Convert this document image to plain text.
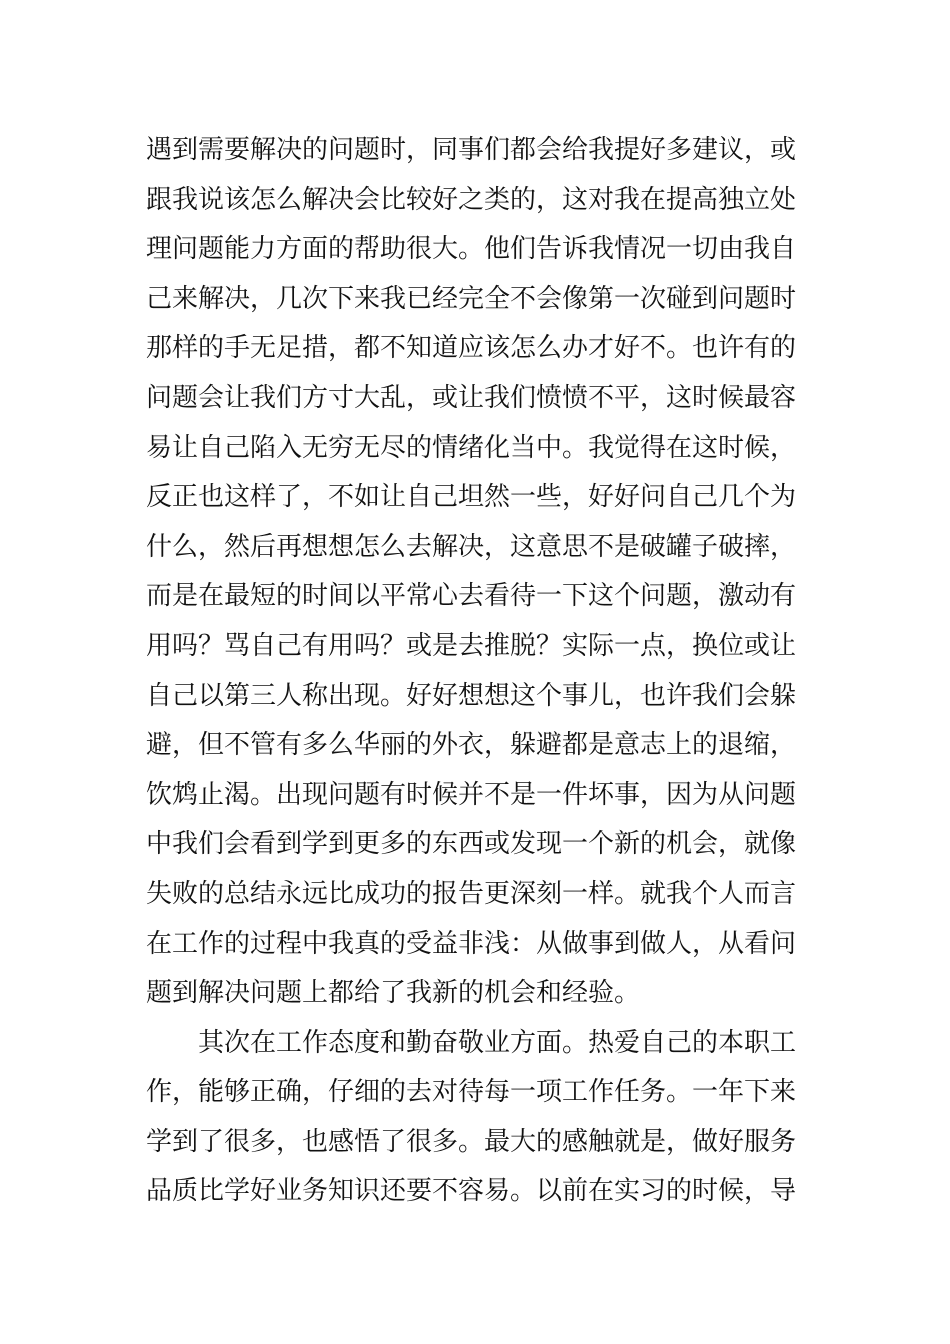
遇到需要解决的问题时，同事们都会给我提好多建议，或
跟我说该怎么解决会比较好之类的，这对我在提高独立处
理问题能力方面的帮助很大。他们告诉我情况一切由我自
己来解决，几次下来我已经完全不会像第一次碰到问题时
那样的手无足措，都不知道应该怎么办才好不。也许有的
问题会让我们方寸大乱，或让我们愤愤不平，这时候最容
易让自己陷入无穷无尽的情绪化当中。我觉得在这时候，
反正也这样了，不如让自己坦然一些，好好问自己几个为
什么，然后再想想怎么去解决，这意思不是破罐子破摔，
而是在最短的时间以平常心去看待一下这个问题，激动有
用吗？骂自己有用吗？或是去推脱？实际一点，换位或让
自己以第三人称出现。好好想想这个事儿，也许我们会躲
避，但不管有多么华丽的外衣，躲避都是意志上的退缩，
饮鸩止渴。出现问题有时候并不是一件坏事，因为从问题
中我们会看到学到更多的东西或发现一个新的机会，就像
失败的总结永远比成功的报告更深刻一样。就我个人而言
在工作的过程中我真的受益非浅：从做事到做人，从看问
题到解决问题上都给了我新的机会和经验。
其次在工作态度和勤奋敬业方面。热爱自己的本职工
作，能够正确，仔细的去对待每一项工作任务。一年下来
学到了很多，也感悟了很多。最大的感触就是，做好服务
品质比学好业务知识还要不容易。以前在实习的时候，导
